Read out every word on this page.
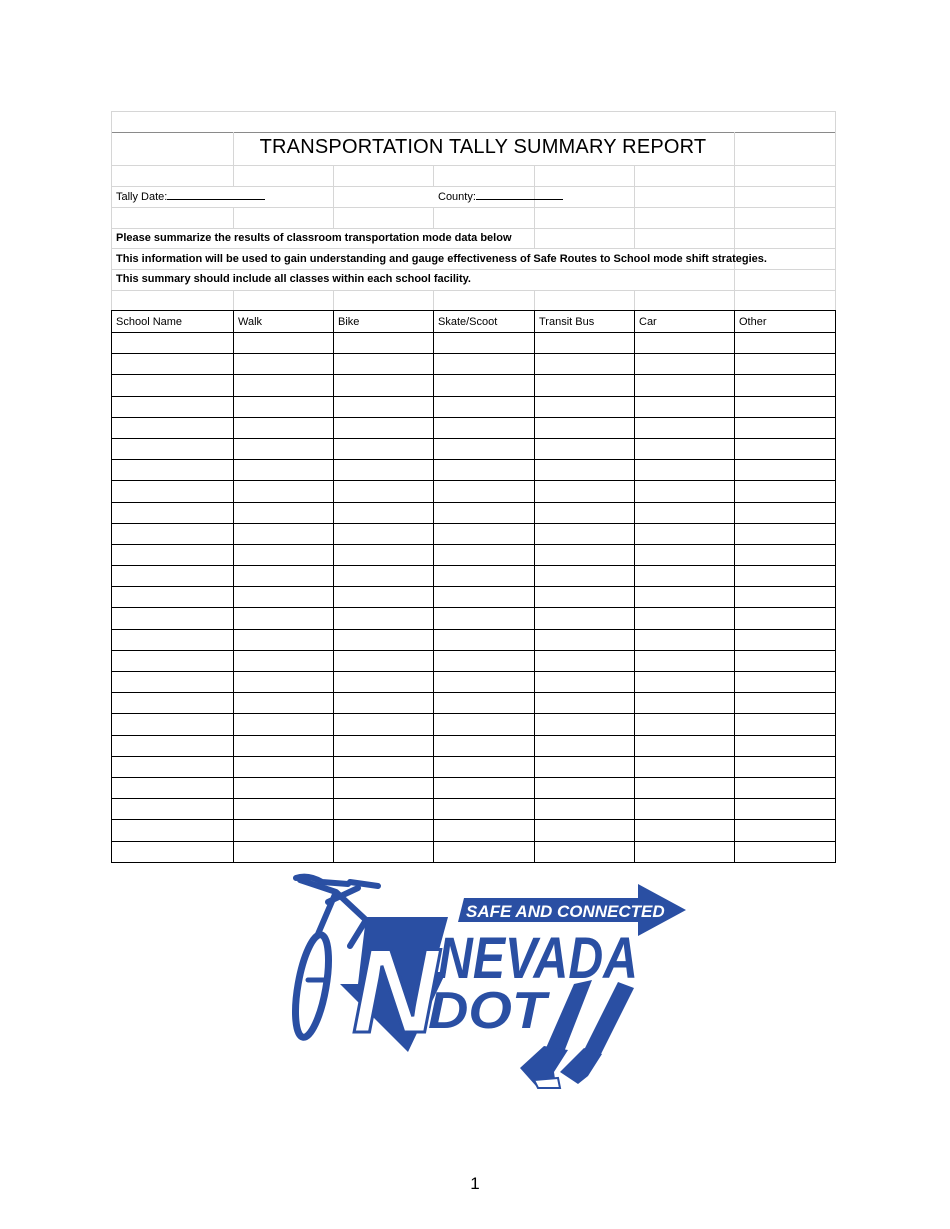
TRANSPORTATION TALLY SUMMARY REPORT
Tally Date:	County:
Please summarize the results of classroom transportation mode data below
This information will be used to gain understanding and gauge effectiveness of Safe Routes to School mode shift strategies.
This summary should include all classes within each school facility.
School Name	Walk	Bike	Skate/Scoot	Transit Bus	Car	Other

N
SAFE AND CONNECTED
NEVADA
DOT
1
